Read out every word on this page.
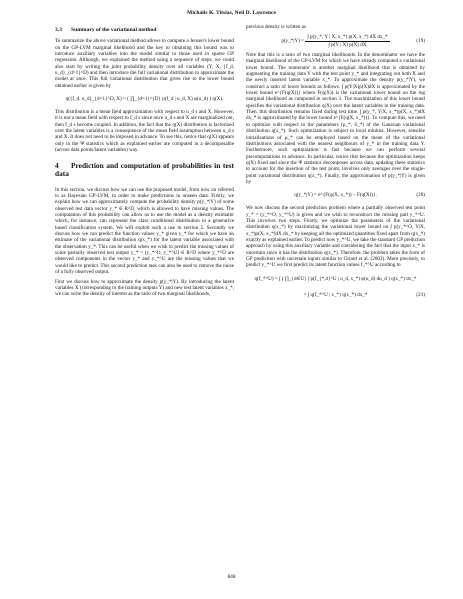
Michalis K. Titsias, Neil D. Lawrence
3.3 Summary of the variational method

To summarize the above variational method allows to compute a Jensen's lower bound on the GP-LVM marginal likelihood and the key to obtaining this bound was to introduce auxiliary variables into the model similar to those used in sparse GP regression. Although, we explained the method using a sequence of steps, we could also start by writing the joint probability density over all variables (Y, X, {f_d, u_d}_{d=1}^D) and then introduce the full variational distribution to approximate the model at once. This full variational distribution that gives rise to the lower bound obtained earlier is given by

q({f_d, u_d}_{d=1}^D, X) =
( ∏_{d=1}^{D} p(f_d | u_d, X) φ(u_d) ) q(X).

This distribution is a mean field approximation with respect to u_d s and X. However, it is not a mean field with respect to f_d s since once u_d s and X are marginalized out, then f_d s become coupled. In addition, the fact that the q(X) distribution is factorized over the latent variables is a consequence of the mean field assumption between u_d s and X. It does not need to be imposed in advance. To see this, notice that q(X) appears only in the Ψ statistics which as explained earlier are computed in a decomposable (across data points/latent variables) way.

4 Prediction and computation of probabilities in test data

In this section, we discuss how we can use the proposed model, from now on referred to as Bayesian GP-LVM, in order to make predictions in unseen data. Firstly, we explain how we can approximately compute the probability density p(y_*|Y) of some observed test data vector y_* ∈ R^D, which is allowed to have missing values. The computation of this probability can allow us to use the model as a density estimator which, for instance, can represent the class conditional distribution in a generative based classification system. We will exploit such a use in section 5. Secondly we discuss how we can predict the function values y_* given y_* for which we have an estimate of the variational distribution q(x_*) for the latent variable associated with the observation y_*. This can be useful when we wish to predict the missing values of some partially observed test output y_* = (y_*^O, y_*^U) ∈ R^D where y_*^O are observed components in the vector y_* and y_*^U are the missing values that we would like to predict. This second prediction task can also be used to remove the noise of a fully observed output.

First we discuss how to approximate the density p(y_*|Y). By introducing the latent variables X (corresponding to the training outputs Y) and new test latent variables x_*, we can write the density of interest as the ratio of two marginal likelihoods,

previous density is written as

p(y_*|Y) =
$\frac{\text{∫ p(y\_*, Y | X, x\_*) p(X, x\_*) dX dx\_*}}{\int p(Y | X) p(X) dX}$	(19)

Note that this is a ratio of two marginal likelihoods. In the denominator we have the marginal likelihood of the GP-LVM for which we have already computed a variational lower bound. The numerator is another marginal likelihood that is obtained by augmenting the training data Y with the test point y_* and integrating out both X and the newly inserted latent variable x_*. To approximate the density p(y_*|Y), we construct a ratio of lower bounds as follows. ∫ p(Y|X)p(X)dX is approximated by the lower bound e^{F(q(X))} where F(q(X)) is the variational lower bound on the log marginal likelihood as computed in section 3. The maximization of this lower bound specifies the variational distribution q(X) over the latent variables in the training data. Then, this distribution remains fixed during test time. ∫ p(y_*, Y|X, x_*)p(X, x_*)dX dx_* is approximated by the lower bound e^{F(q(X, x_*))}. To compute this, we need to optimize with respect to the parameters (μ_*, S_*) of the Gaussian variational distribution q(x_*). Such optimization is subject to local minima. However, sensible initializations of μ_* can be employed based on the mean of the variational distributions associated with the nearest neighbours of y_* in the training data Y. Furthermore, such optimization is fast because we can perform several precomputations in advance. In particular, notice that because the optimization keeps q(X) fixed and since the Ψ statistics decomposes across data, updating these statistics to account for the insertion of the test point, involves only averages over the single-point variational distribution q(x_*). Finally, the approximation of p(y_*|Y) is given by

q(y_*|Y) =
e^{F(q(X, x_*)) − F(q(X))}.	(20)

We now discuss the second prediction problem where a partially observed test point y_* = (y_*^O, y_*^U) is given and we wish to reconstruct the missing part y_*^U. This involves two steps. Firstly, we optimize the parameters of the variational distribution q(x_*) by maximizing the variational lower bound on ∫ p(y_*^O, Y|X, x_*)p(X, x_*)dX dx_* by keeping all the optimized quantities fixed apart from q(x_*) exactly as explained earlier. To predict now y_*^U, we take the standard GP prediction approach by using this auxiliary variable and considering the fact that the input x_* is uncertain since it has the distribution q(x_*). Therefore, the problem takes the form of GP prediction with uncertain inputs similar to Girard et al. (2002). More precisely, to predict y_*^U we first predict its latent function values f_*^U according to

q(f_*^U) =
∫ ( ∏_{d∈U} ∫ p(f_{*,d}^U | u_d, x_*) φ(u_d) du_d ) q(x_*) dx_*
= ∫ q(f_*^U | x_*) q(x_*) dx_*	(21)
848
